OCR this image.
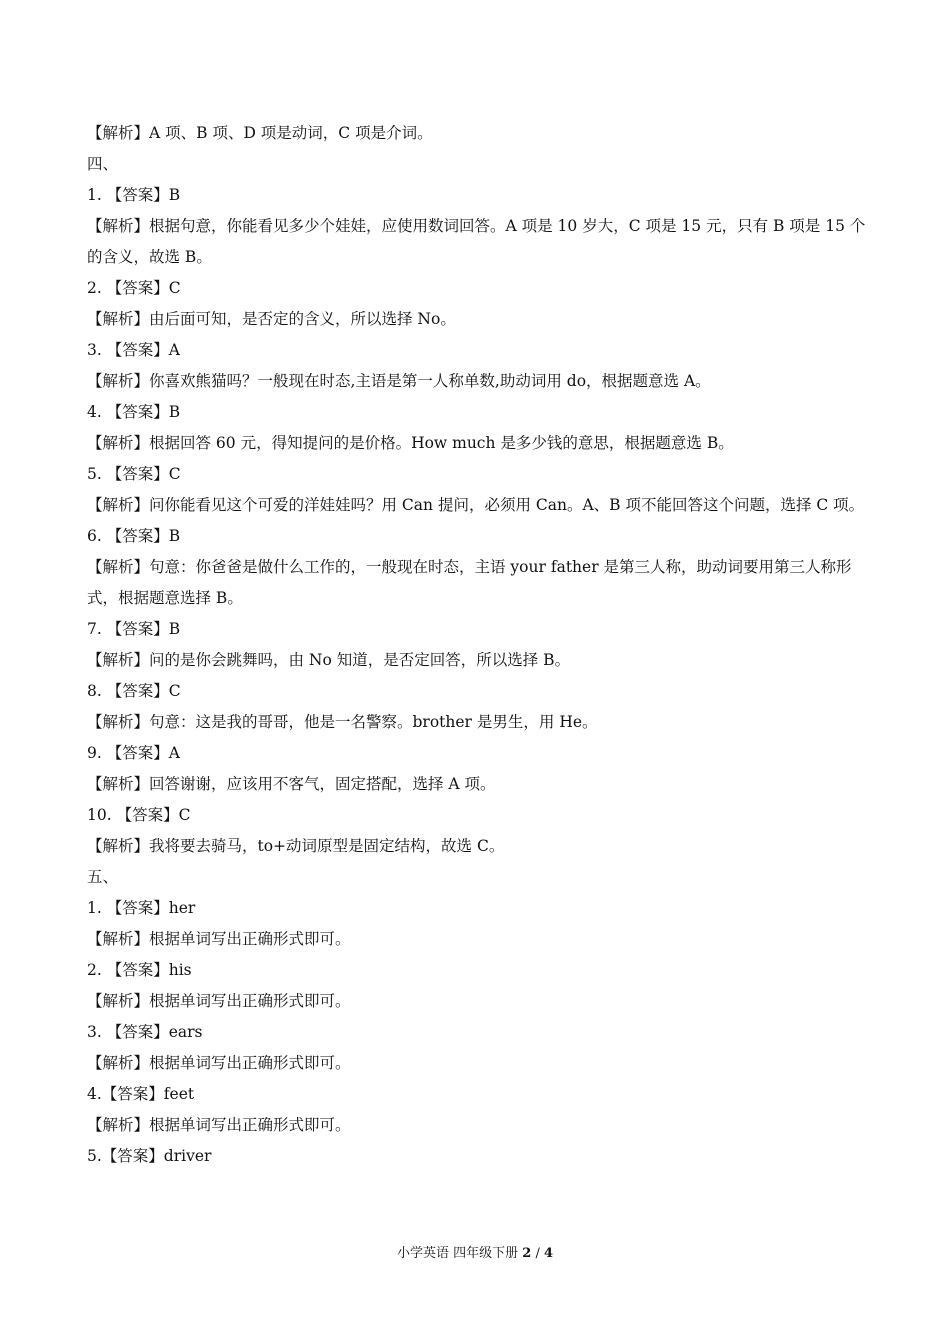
【解析】A 项、B 项、D 项是动词，C 项是介词。
四、
1. 【答案】B
【解析】根据句意，你能看见多少个娃娃，应使用数词回答。A 项是 10 岁大，C 项是 15 元，只有 B 项是 15 个的含义，故选 B。
2. 【答案】C
【解析】由后面可知，是否定的含义，所以选择 No。
3. 【答案】A
【解析】你喜欢熊猫吗？一般现在时态,主语是第一人称单数,助动词用 do，根据题意选 A。
4. 【答案】B
【解析】根据回答 60 元，得知提问的是价格。How much 是多少钱的意思，根据题意选 B。
5. 【答案】C
【解析】问你能看见这个可爱的洋娃娃吗？用 Can 提问，必须用 Can。A、B 项不能回答这个问题，选择 C 项。
6. 【答案】B
【解析】句意：你爸爸是做什么工作的，一般现在时态，主语 your father 是第三人称，助动词要用第三人称形式，根据题意选择 B。
7. 【答案】B
【解析】问的是你会跳舞吗，由 No 知道，是否定回答，所以选择 B。
8. 【答案】C
【解析】句意：这是我的哥哥，他是一名警察。brother 是男生，用 He。
9. 【答案】A
【解析】回答谢谢，应该用不客气，固定搭配，选择 A 项。
10. 【答案】C
【解析】我将要去骑马，to+动词原型是固定结构，故选 C。
五、
1. 【答案】her
【解析】根据单词写出正确形式即可。
2. 【答案】his
【解析】根据单词写出正确形式即可。
3. 【答案】ears
【解析】根据单词写出正确形式即可。
4.【答案】feet
【解析】根据单词写出正确形式即可。
5.【答案】driver
小学英语 四年级下册 2 / 4
